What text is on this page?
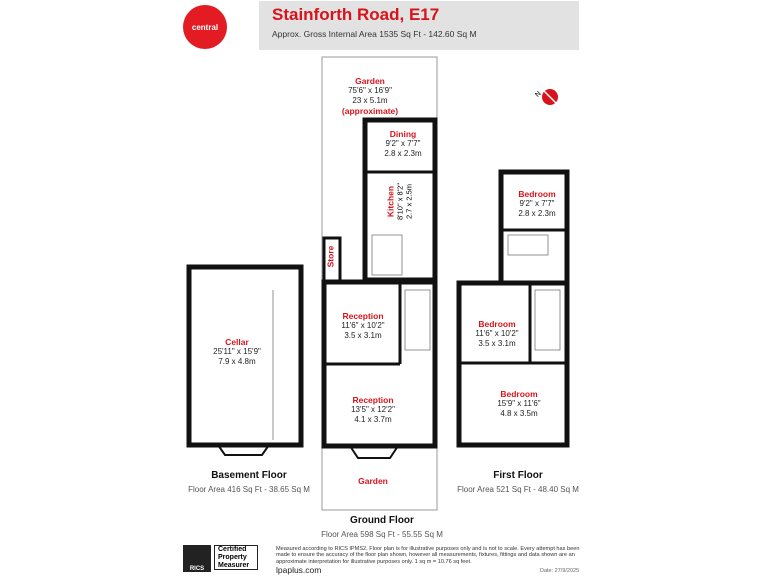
central
Stainforth Road, E17
Approx. Gross Internal Area 1535 Sq Ft - 142.60 Sq M
N
Garden
75'6" x 16'9"
23 x 5.1m
(approximate)
Dining
9'2" x 7'7"
2.8 x 2.3m
Kitchen 8'10" x 8'2" 2.7 x 2.5m
Store
Reception
11'6" x 10'2"
3.5 x 3.1m
Reception
13'5" x 12'2"
4.1 x 3.7m
Garden
Cellar
25'11" x 15'9"
7.9 x 4.8m
Bedroom
9'2" x 7'7"
2.8 x 2.3m
Bedroom
11'6" x 10'2"
3.5 x 3.1m
Bedroom
15'9" x 11'6"
4.8 x 3.5m
Basement Floor
Floor Area 416 Sq Ft - 38.65 Sq M
Ground Floor
Floor Area 598 Sq Ft - 55.55 Sq M
First Floor
Floor Area 521 Sq Ft - 48.40 Sq M
RICS
Certified
Property
Measurer
Measured according to RICS IPMS2. Floor plan is for illustrative purposes only and is not to scale. Every attempt has been made to ensure the accuracy of the floor plan shown, however all measurements, fixtures, fittings and data shown are an approximate interpretation for illustrative purposes only. 1 sq m = 10.76 sq feet.
lpaplus.com	Date: 27/9/2025
